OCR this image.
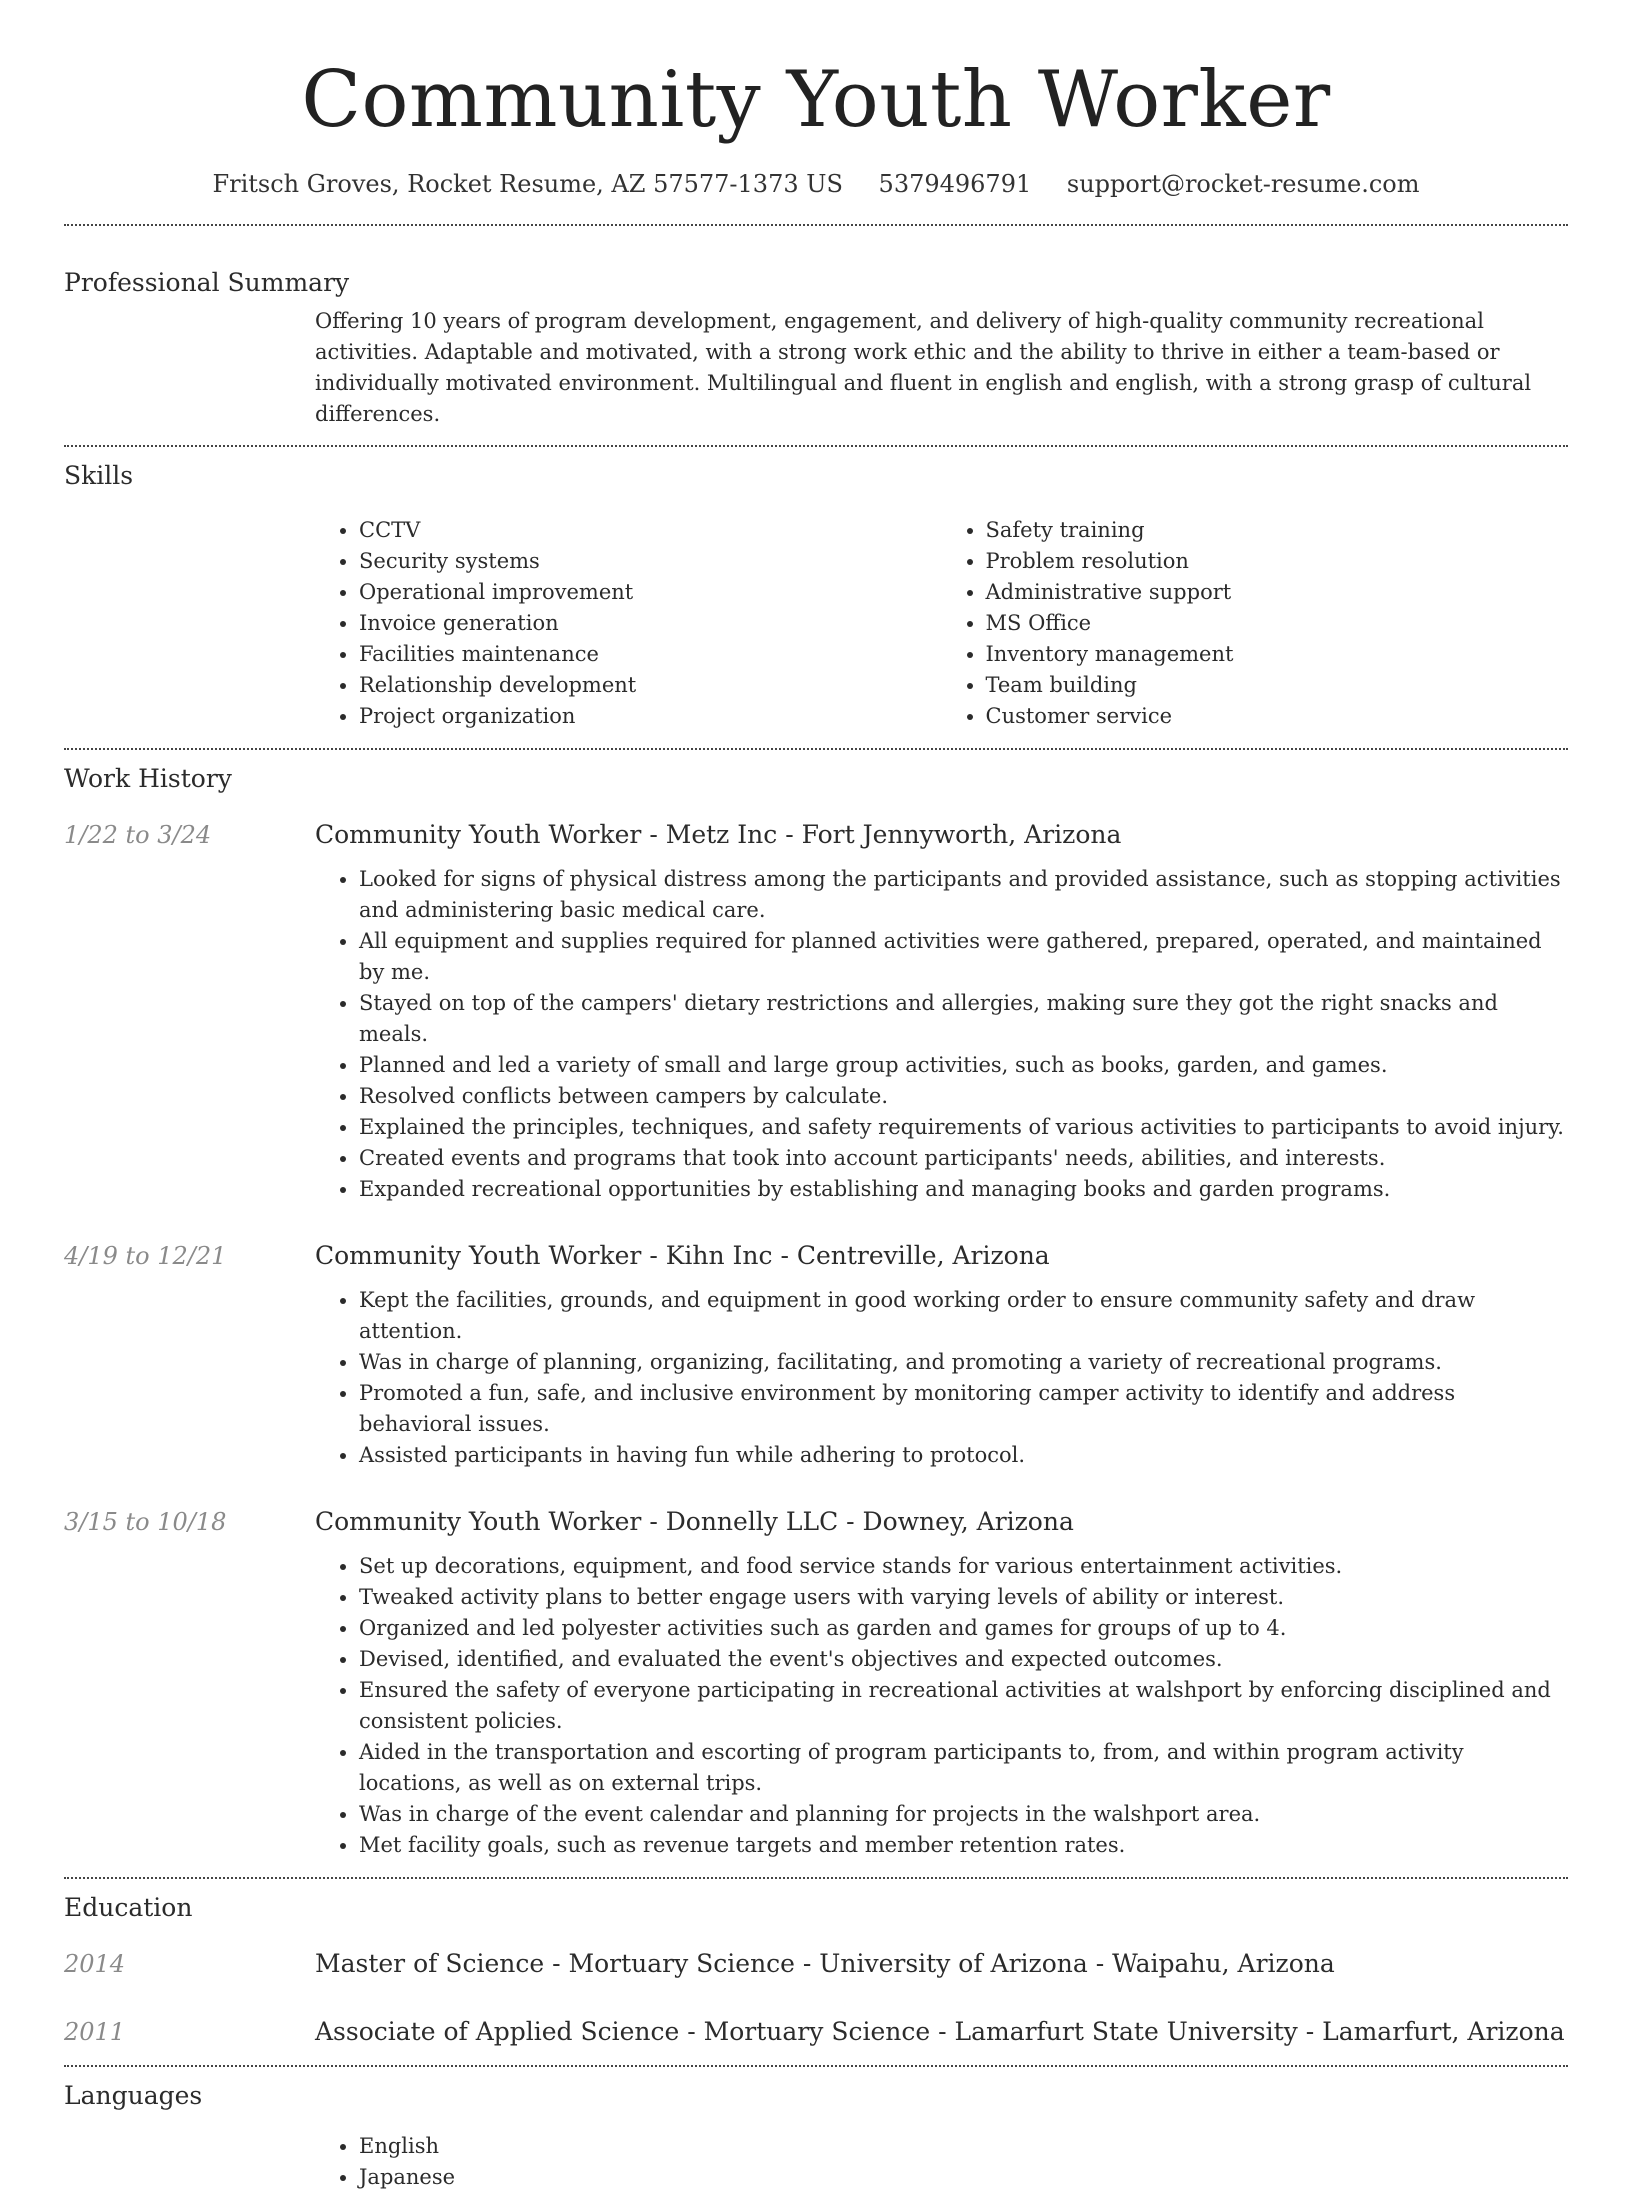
Community Youth Worker
Fritsch Groves, Rocket Resume, AZ 57577-1373 US 5379496791 support@rocket-resume.com
Professional Summary
Offering 10 years of program development, engagement, and delivery of high-quality community recreational activities. Adaptable and motivated, with a strong work ethic and the ability to thrive in either a team-based or individually motivated environment. Multilingual and fluent in english and english, with a strong grasp of cultural differences.
Skills
• CCTV
• Security systems
• Operational improvement
• Invoice generation
• Facilities maintenance
• Relationship development
• Project organization
• Safety training
• Problem resolution
• Administrative support
• MS Office
• Inventory management
• Team building
• Customer service
Work History
1/22 to 3/24	Community Youth Worker - Metz Inc - Fort Jennyworth, Arizona
• Looked for signs of physical distress among the participants and provided assistance, such as stopping activities and administering basic medical care.
• All equipment and supplies required for planned activities were gathered, prepared, operated, and maintained by me.
• Stayed on top of the campers' dietary restrictions and allergies, making sure they got the right snacks and meals.
• Planned and led a variety of small and large group activities, such as books, garden, and games.
• Resolved conflicts between campers by calculate.
• Explained the principles, techniques, and safety requirements of various activities to participants to avoid injury.
• Created events and programs that took into account participants' needs, abilities, and interests.
• Expanded recreational opportunities by establishing and managing books and garden programs.
4/19 to 12/21	Community Youth Worker - Kihn Inc - Centreville, Arizona
• Kept the facilities, grounds, and equipment in good working order to ensure community safety and draw attention.
• Was in charge of planning, organizing, facilitating, and promoting a variety of recreational programs.
• Promoted a fun, safe, and inclusive environment by monitoring camper activity to identify and address behavioral issues.
• Assisted participants in having fun while adhering to protocol.
3/15 to 10/18	Community Youth Worker - Donnelly LLC - Downey, Arizona
• Set up decorations, equipment, and food service stands for various entertainment activities.
• Tweaked activity plans to better engage users with varying levels of ability or interest.
• Organized and led polyester activities such as garden and games for groups of up to 4.
• Devised, identified, and evaluated the event's objectives and expected outcomes.
• Ensured the safety of everyone participating in recreational activities at walshport by enforcing disciplined and consistent policies.
• Aided in the transportation and escorting of program participants to, from, and within program activity locations, as well as on external trips.
• Was in charge of the event calendar and planning for projects in the walshport area.
• Met facility goals, such as revenue targets and member retention rates.
Education
2014	Master of Science - Mortuary Science - University of Arizona - Waipahu, Arizona
2011	Associate of Applied Science - Mortuary Science - Lamarfurt State University - Lamarfurt, Arizona
Languages
• English
• Japanese
